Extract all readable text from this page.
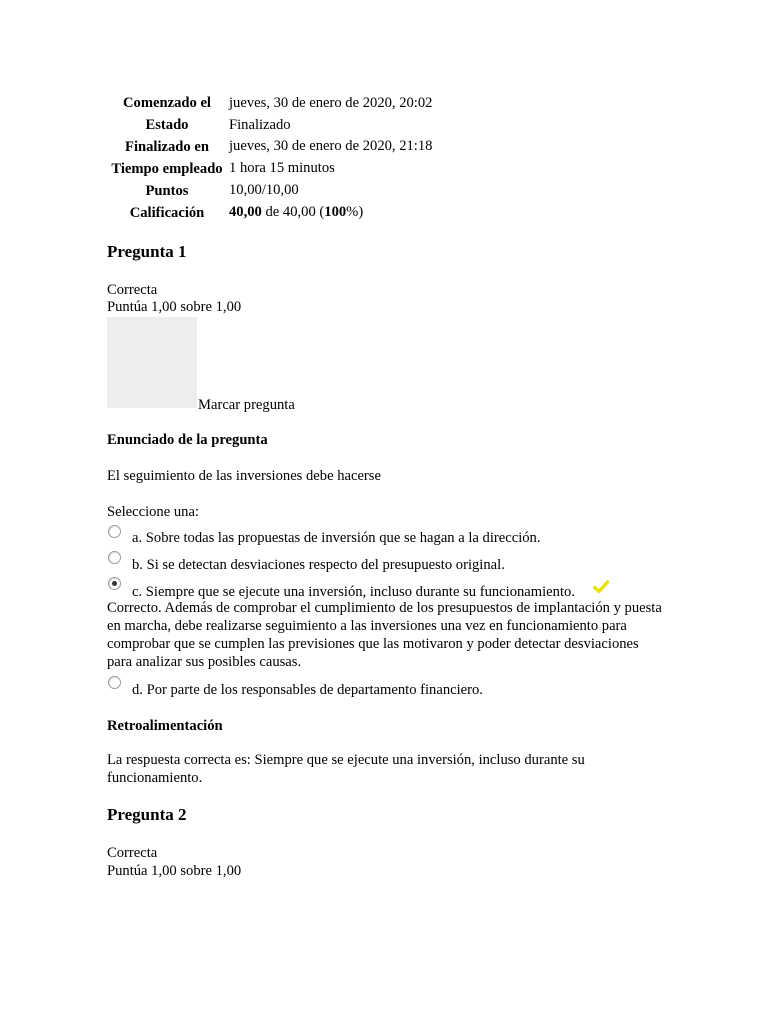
Comenzado el	jueves, 30 de enero de 2020, 20:02
Estado	Finalizado
Finalizado en	jueves, 30 de enero de 2020, 21:18
Tiempo empleado 1 hora 15 minutos
Puntos	10,00/10,00
Calificación	40,00 de 40,00 (100%)
Pregunta 1
Correcta
Puntúa 1,00 sobre 1,00
Marcar pregunta
Enunciado de la pregunta
El seguimiento de las inversiones debe hacerse
Seleccione una:
a. Sobre todas las propuestas de inversión que se hagan a la dirección.
b. Si se detectan desviaciones respecto del presupuesto original.
c. Siempre que se ejecute una inversión, incluso durante su funcionamiento.
Correcto. Además de comprobar el cumplimiento de los presupuestos de implantación y puesta en marcha, debe realizarse seguimiento a las inversiones una vez en funcionamiento para comprobar que se cumplen las previsiones que las motivaron y poder detectar desviaciones para analizar sus posibles causas.
d. Por parte de los responsables de departamento financiero.
Retroalimentación
La respuesta correcta es: Siempre que se ejecute una inversión, incluso durante su funcionamiento.
Pregunta 2
Correcta
Puntúa 1,00 sobre 1,00
